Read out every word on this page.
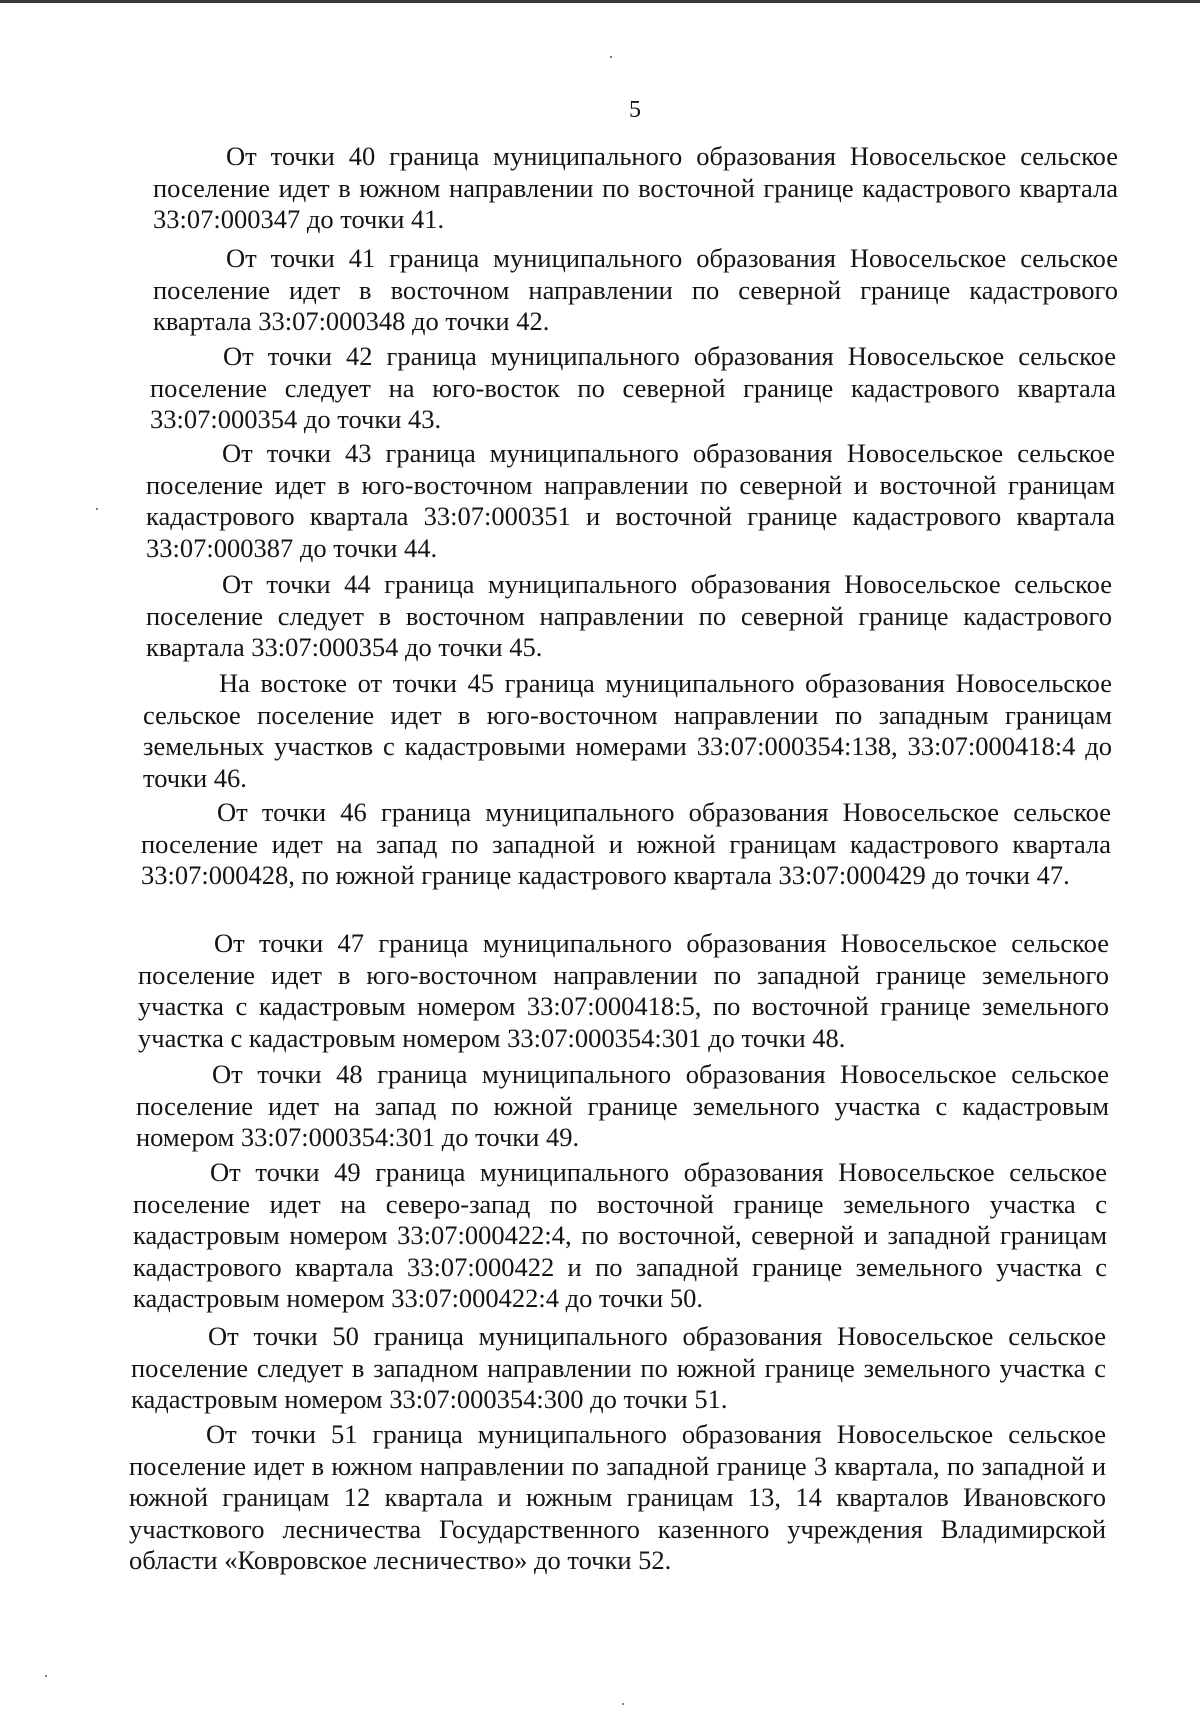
5

От точки 40 граница муниципального образования Новосельское сельское поселение идет в южном направлении по восточной границе кадастрового квартала 33:07:000347 до точки 41.

От точки 41 граница муниципального образования Новосельское сельское поселение идет в восточном направлении по северной границе кадастрового квартала 33:07:000348 до точки 42.

От точки 42 граница муниципального образования Новосельское сельское поселение следует на юго-восток по северной границе кадастрового квартала 33:07:000354 до точки 43.

От точки 43 граница муниципального образования Новосельское сельское поселение идет в юго-восточном направлении по северной и восточной границам кадастрового квартала 33:07:000351 и восточной границе кадастрового квартала 33:07:000387 до точки 44.

От точки 44 граница муниципального образования Новосельское сельское поселение следует в восточном направлении по северной границе кадастрового квартала 33:07:000354 до точки 45.

На востоке от точки 45 граница муниципального образования Новосельское сельское поселение идет в юго-восточном направлении по западным границам земельных участков с кадастровыми номерами 33:07:000354:138, 33:07:000418:4 до точки 46.

От точки 46 граница муниципального образования Новосельское сельское поселение идет на запад по западной и южной границам кадастрового квартала 33:07:000428, по южной границе кадастрового квартала 33:07:000429 до точки 47.

От точки 47 граница муниципального образования Новосельское сельское поселение идет в юго-восточном направлении по западной границе земельного участка с кадастровым номером 33:07:000418:5, по восточной границе земельного участка с кадастровым номером 33:07:000354:301 до точки 48.

От точки 48 граница муниципального образования Новосельское сельское поселение идет на запад по южной границе земельного участка с кадастровым номером 33:07:000354:301 до точки 49.

От точки 49 граница муниципального образования Новосельское сельское поселение идет на северо-запад по восточной границе земельного участка с кадастровым номером 33:07:000422:4, по восточной, северной и западной границам кадастрового квартала 33:07:000422 и по западной границе земельного участка с кадастровым номером 33:07:000422:4 до точки 50.

От точки 50 граница муниципального образования Новосельское сельское поселение следует в западном направлении по южной границе земельного участка с кадастровым номером 33:07:000354:300 до точки 51.

От точки 51 граница муниципального образования Новосельское сельское поселение идет в южном направлении по западной границе 3 квартала, по западной и южной границам 12 квартала и южным границам 13, 14 кварталов Ивановского участкового лесничества Государственного казенного учреждения Владимирской области «Ковровское лесничество» до точки 52.
